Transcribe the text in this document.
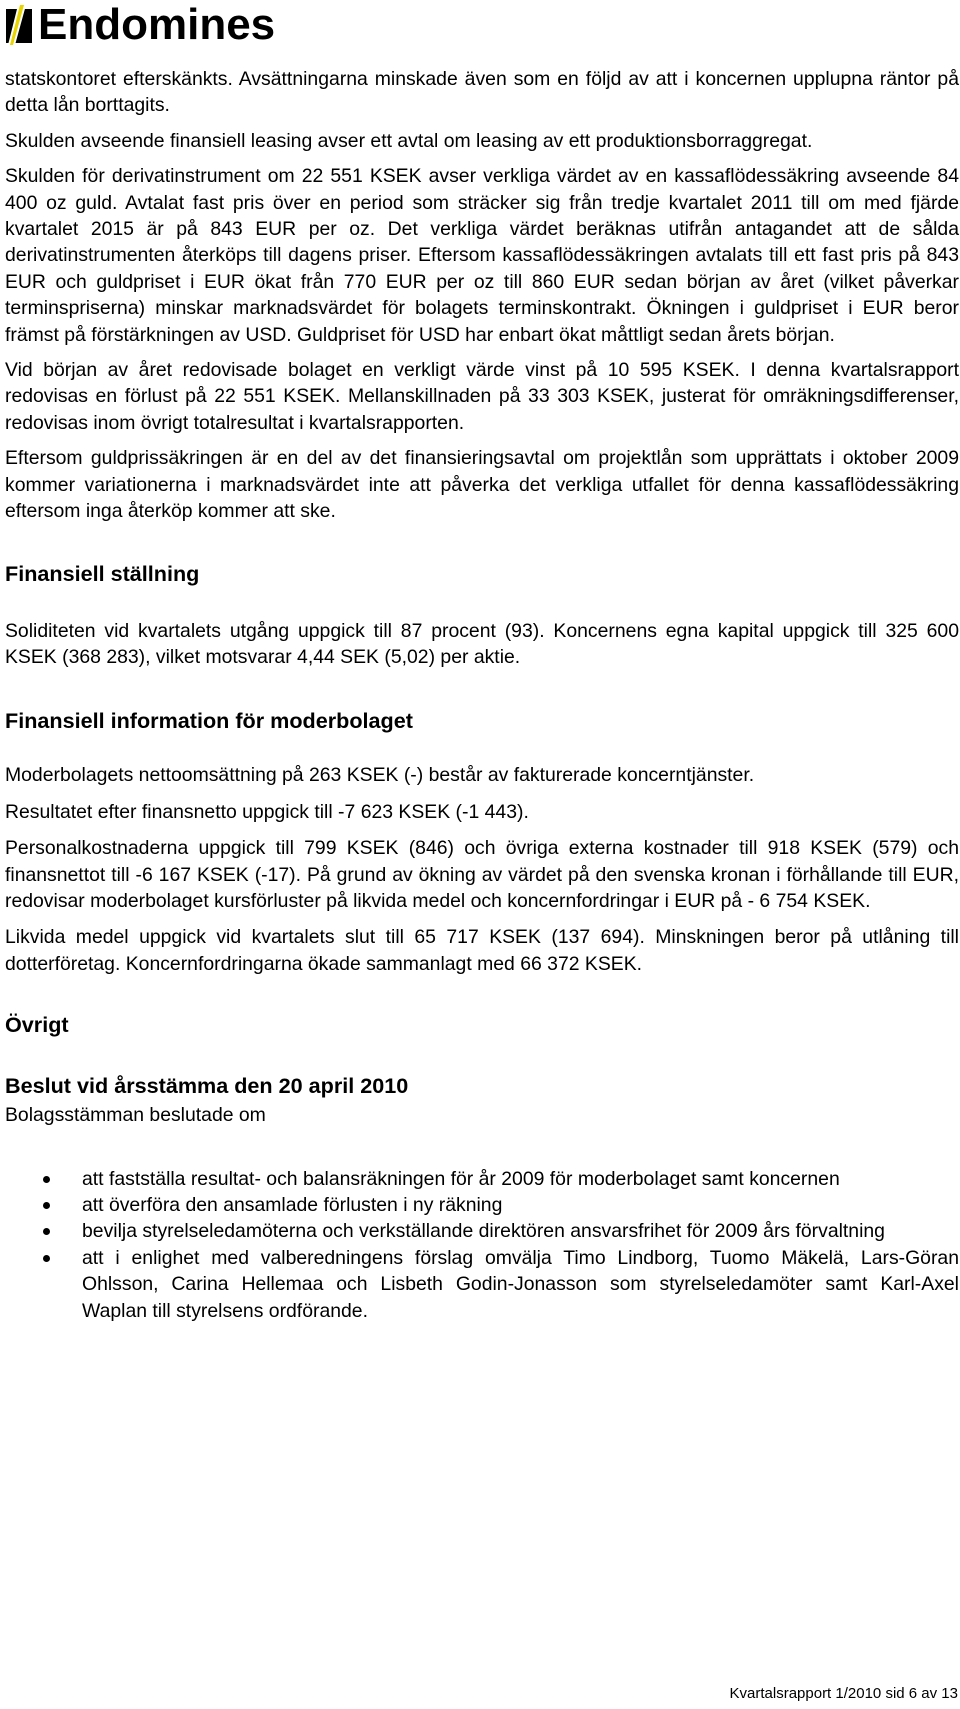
Endomines

statskontoret efterskänkts. Avsättningarna minskade även som en följd av att i koncernen upplupna räntor på detta lån borttagits.

Skulden avseende finansiell leasing avser ett avtal om leasing av ett produktionsborraggregat.

Skulden för derivatinstrument om 22 551 KSEK avser verkliga värdet av en kassaflödessäkring avseende 84 400 oz guld. Avtalat fast pris över en period som sträcker sig från tredje kvartalet 2011 till om med fjärde kvartalet 2015 är på 843 EUR per oz. Det verkliga värdet beräknas utifrån antagandet att de sålda derivatinstrumenten återköps till dagens priser. Eftersom kassaflödessäkringen avtalats till ett fast pris på 843 EUR och guldpriset i EUR ökat från 770 EUR per oz till 860 EUR sedan början av året (vilket påverkar terminspriserna) minskar marknadsvärdet för bolagets terminskontrakt. Ökningen i guldpriset i EUR beror främst på förstärkningen av USD. Guldpriset för USD har enbart ökat måttligt sedan årets början.

Vid början av året redovisade bolaget en verkligt värde vinst på 10 595 KSEK. I denna kvartalsrapport redovisas en förlust på 22 551 KSEK. Mellanskillnaden på 33 303 KSEK, justerat för omräkningsdifferenser, redovisas inom övrigt totalresultat i kvartalsrapporten.

Eftersom guldprissäkringen är en del av det finansieringsavtal om projektlån som upprättats i oktober 2009 kommer variationerna i marknadsvärdet inte att påverka det verkliga utfallet för denna kassaflödessäkring eftersom inga återköp kommer att ske.

Finansiell ställning

Soliditeten vid kvartalets utgång uppgick till 87 procent (93). Koncernens egna kapital uppgick till 325 600 KSEK (368 283), vilket motsvarar 4,44 SEK (5,02) per aktie.

Finansiell information för moderbolaget

Moderbolagets nettoomsättning på 263 KSEK (-) består av fakturerade koncerntjänster.

Resultatet efter finansnetto uppgick till -7 623 KSEK (-1 443).

Personalkostnaderna uppgick till 799 KSEK (846) och övriga externa kostnader till 918 KSEK (579) och finansnettot till -6 167 KSEK (-17). På grund av ökning av värdet på den svenska kronan i förhållande till EUR, redovisar moderbolaget kursförluster på likvida medel och koncernfordringar i EUR på - 6 754 KSEK.

Likvida medel uppgick vid kvartalets slut till 65 717 KSEK (137 694). Minskningen beror på utlåning till dotterföretag. Koncernfordringarna ökade sammanlagt med 66 372 KSEK.

Övrigt
Beslut vid årsstämma den 20 april 2010

Bolagsstämman beslutade om

att fastställa resultat- och balansräkningen för år 2009 för moderbolaget samt koncernen
att överföra den ansamlade förlusten i ny räkning
bevilja styrelseledamöterna och verkställande direktören ansvarsfrihet för 2009 års förvaltning
att i enlighet med valberedningens förslag omvälja Timo Lindborg, Tuomo Mäkelä, Lars-Göran Ohlsson, Carina Hellemaa och Lisbeth Godin-Jonasson som styrelseledamöter samt Karl-Axel Waplan till styrelsens ordförande.
Kvartalsrapport 1/2010 sid 6 av 13
